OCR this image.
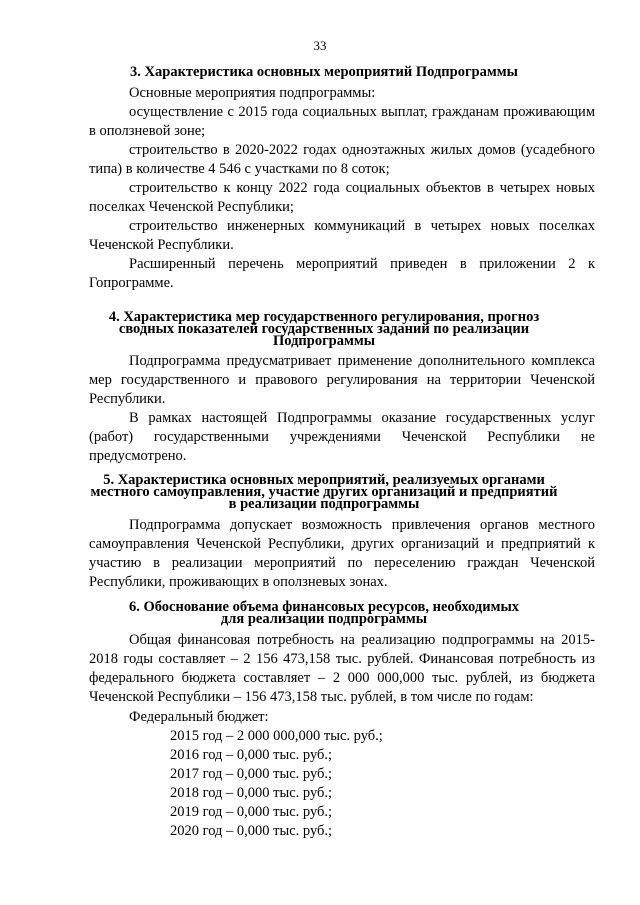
33
3. Характеристика основных мероприятий Подпрограммы

Основные мероприятия подпрограммы:

осуществление с 2015 года социальных выплат, гражданам проживающим в оползневой зоне;

строительство в 2020-2022 годах одноэтажных жилых домов (усадебного типа) в количестве 4 546 с участками по 8 соток;

строительство к концу 2022 года социальных объектов в четырех новых поселках Чеченской Республики;

строительство инженерных коммуникаций в четырех новых поселках Чеченской Республики.

Расширенный перечень мероприятий приведен в приложении 2 к Гопрограмме.

4. Характеристика мер государственного регулирования, прогноз
сводных показателей государственных заданий по реализации
Подпрограммы

Подпрограмма предусматривает применение дополнительного комплекса мер государственного и правового регулирования на территории Чеченской Республики.

В рамках настоящей Подпрограммы оказание государственных услуг (работ) государственными учреждениями Чеченской Республики не предусмотрено.

5. Характеристика основных мероприятий, реализуемых органами
местного самоуправления, участие других организаций и предприятий
в реализации подпрограммы

Подпрограмма допускает возможность привлечения органов местного самоуправления Чеченской Республики, других организаций и предприятий к участию в реализации мероприятий по переселению граждан Чеченской Республики, проживающих в оползневых зонах.

6. Обоснование объема финансовых ресурсов, необходимых
для реализации подпрограммы

Общая финансовая потребность на реализацию подпрограммы на 2015-2018 годы составляет – 2 156 473,158 тыс. рублей. Финансовая потребность из федерального бюджета составляет – 2 000 000,000 тыс. рублей, из бюджета Чеченской Республики – 156 473,158 тыс. рублей, в том числе по годам:

Федеральный бюджет:
2015 год – 2 000 000,000 тыс. руб.;
2016 год – 0,000 тыс. руб.;
2017 год – 0,000 тыс. руб.;
2018 год – 0,000 тыс. руб.;
2019 год – 0,000 тыс. руб.;
2020 год – 0,000 тыс. руб.;
